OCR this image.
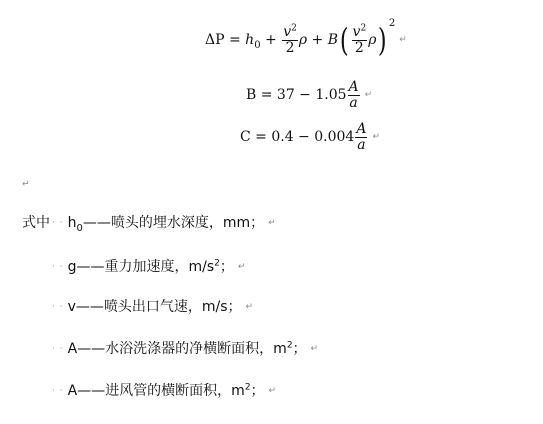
$\Delta P = h_0 + \frac{v^2}{2}$ $\rho + B( \frac{v^2}{2} \rho)$ $^2$↵
$B = 37 - 1.05 \frac{A}{a}$ ↵
$C = 0.4 - 0.004 \frac{A}{a}$ ↵
↵
式中 · · $h_0——$喷头的埋水深度，mm； ↵
· · g——重力加速度，$m/s^2$； ↵
· · v——喷头出口气速，m/s； ↵
· · A——水浴洗涤器的净横断面积，$m^2$； ↵
· · A——进风管的横断面积，$m^2$； ↵
